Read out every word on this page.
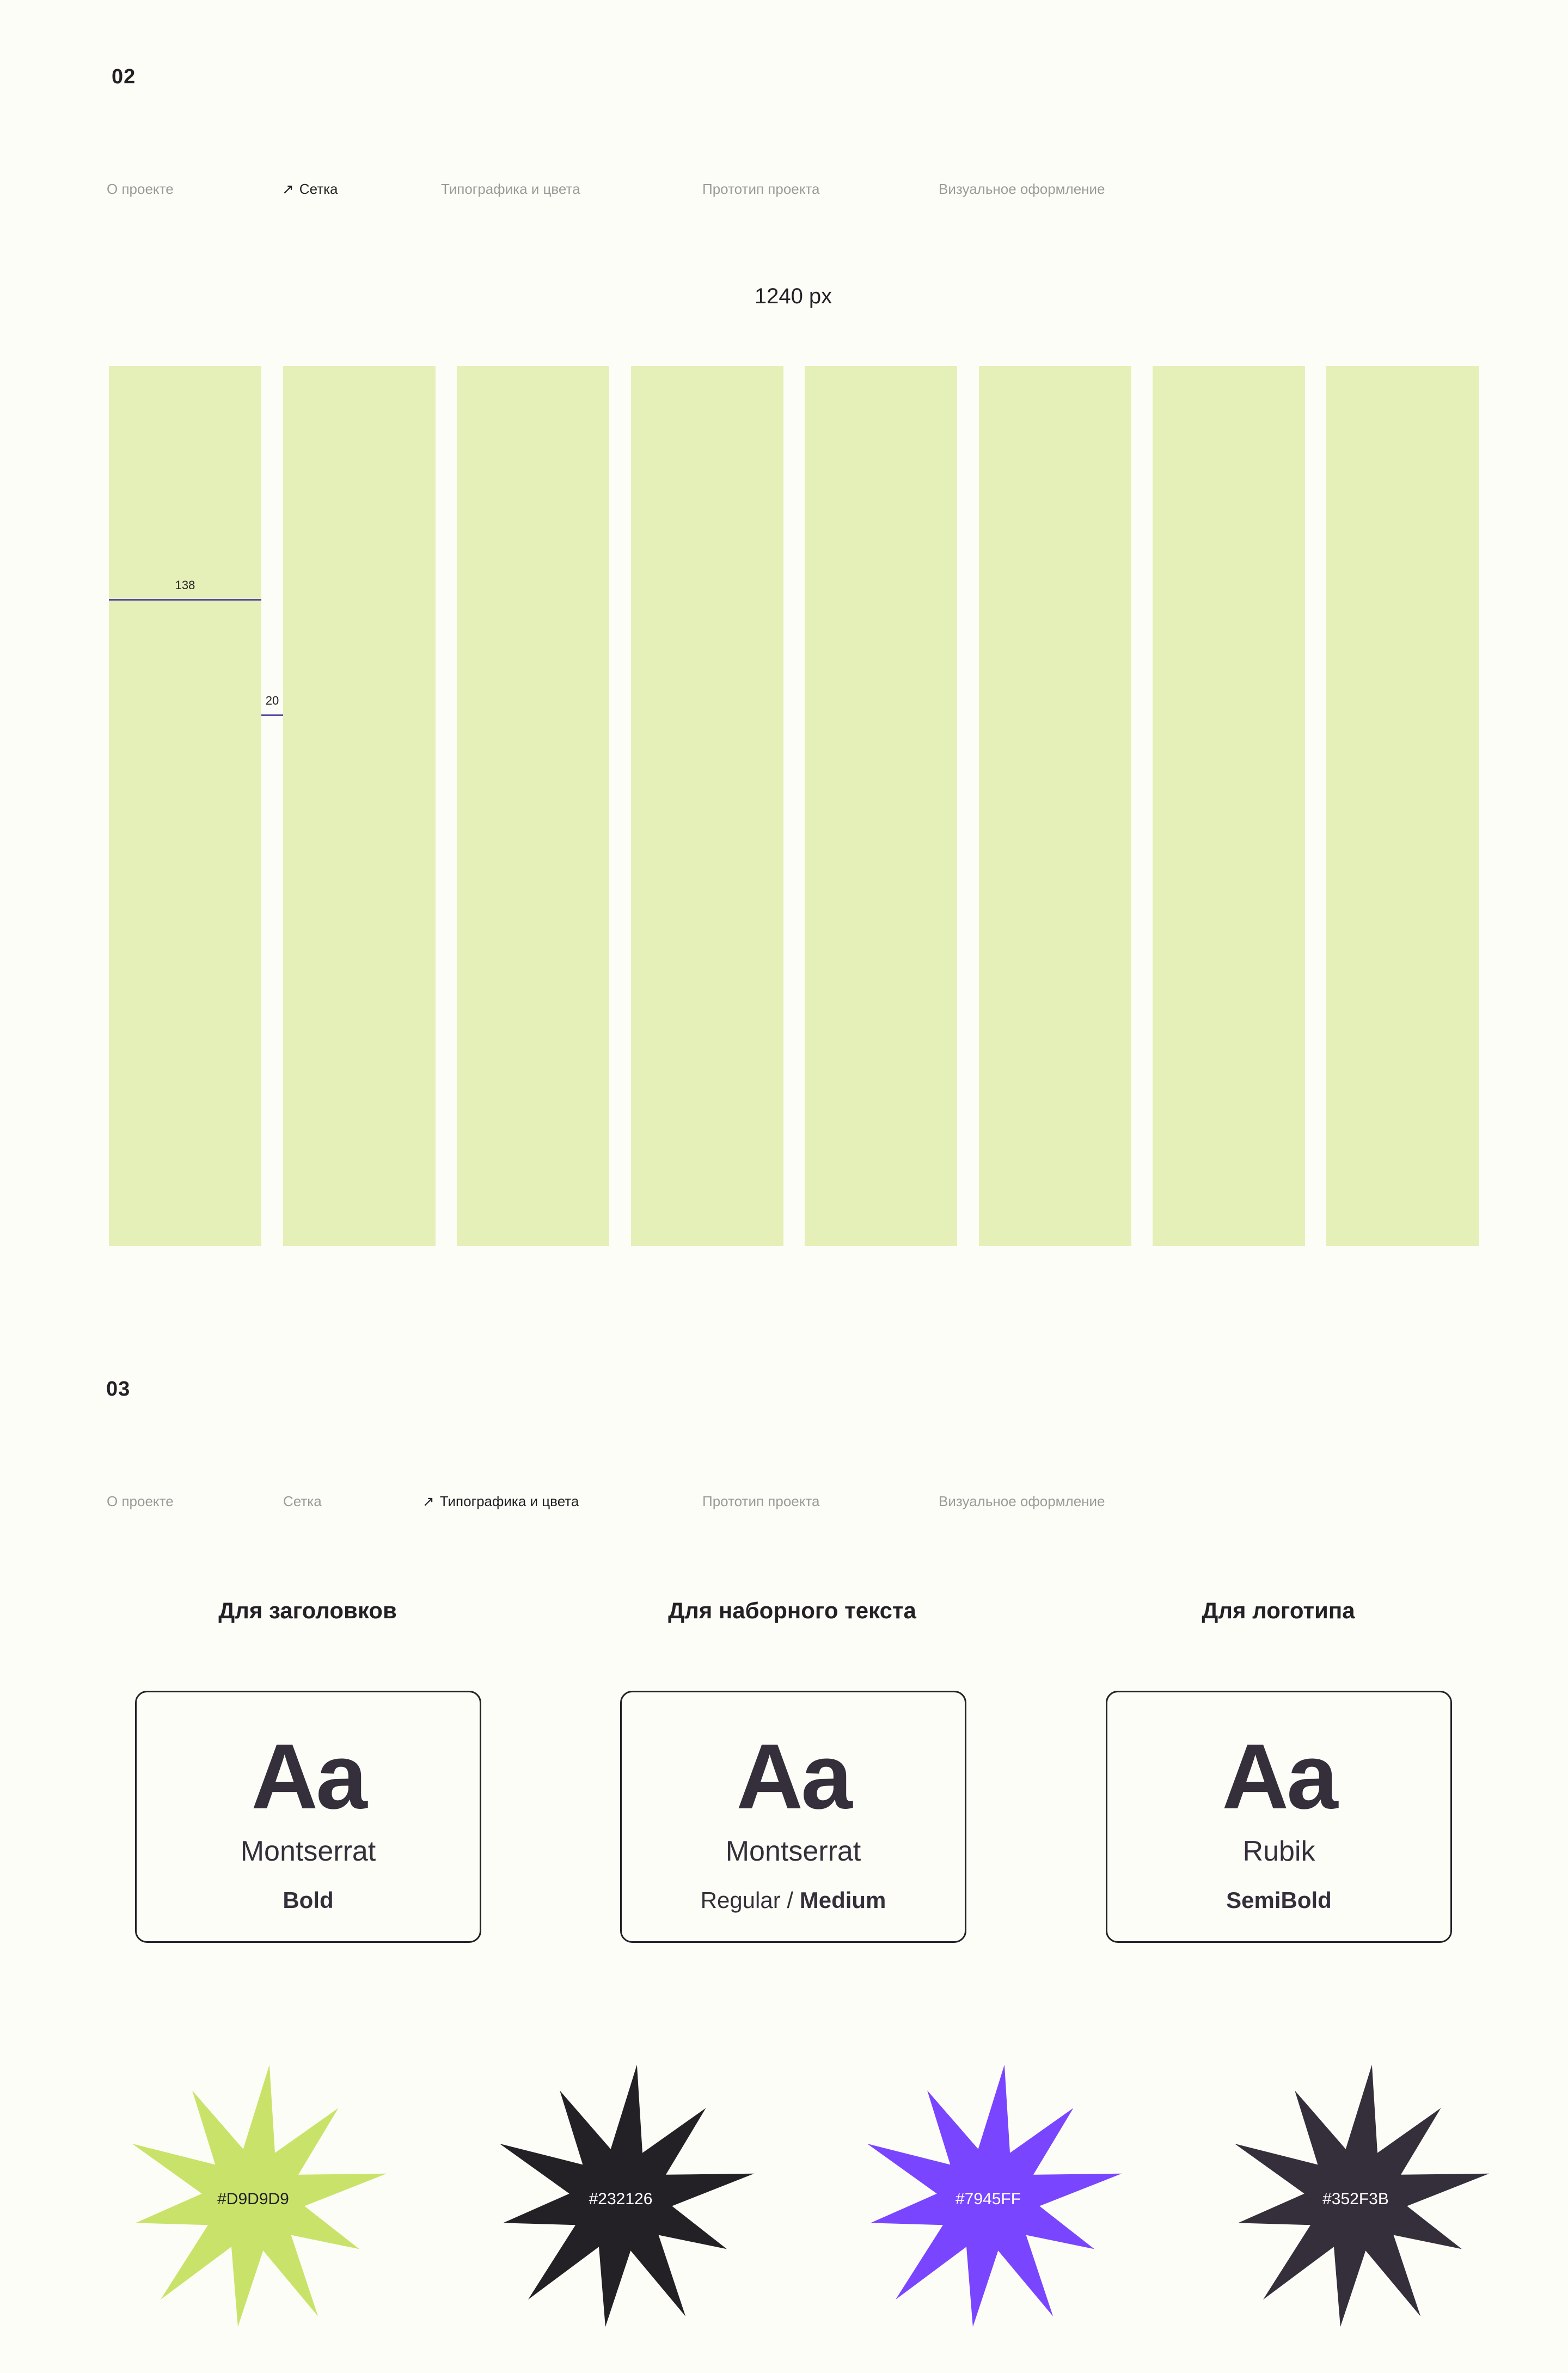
02
О проекте	↗ Сетка	Типографика и цвета	Прототип проекта	Визуальное оформление
1240 px
138
20
03
О проекте	Сетка	↗ Типографика и цвета	Прототип проекта	Визуальное оформление
Для заголовков	Для наборного текста	Для логотипа
Aa
Montserrat
Bold
Aa
Montserrat
Regular / Medium
Aa
Rubik
SemiBold
#D9D9D9	#232126	#7945FF	#352F3B
